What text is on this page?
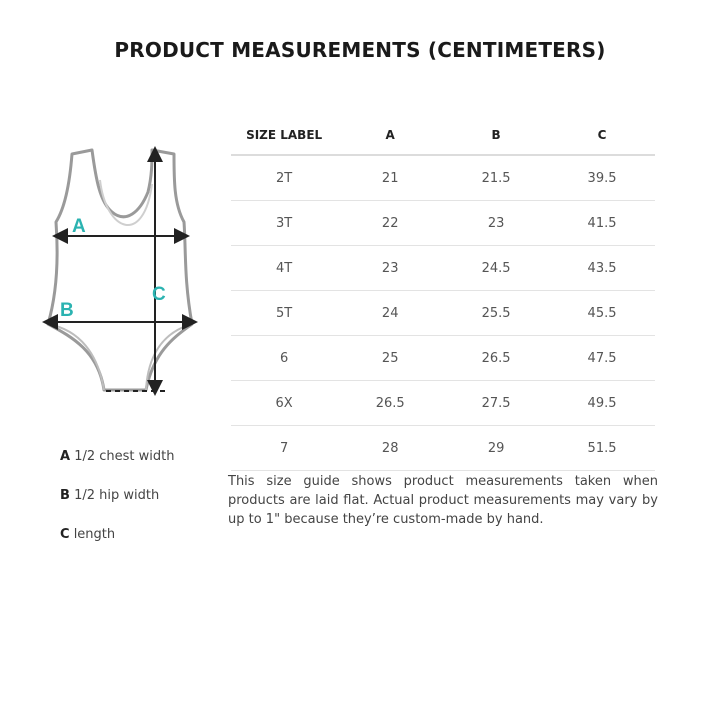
PRODUCT MEASUREMENTS (CENTIMETERS)
A
B
C
SIZE LABEL	A	B	C
2T	21	21.5	39.5
3T	22	23	41.5
4T	23	24.5	43.5
5T	24	25.5	45.5
6	25	26.5	47.5
6X	26.5	27.5	49.5
7	28	29	51.5
This size guide shows product measurements taken when products are laid flat. Actual product measurements may vary by up to 1" because they’re custom-made by hand.
A 1/2 chest width
B 1/2 hip width
C length
